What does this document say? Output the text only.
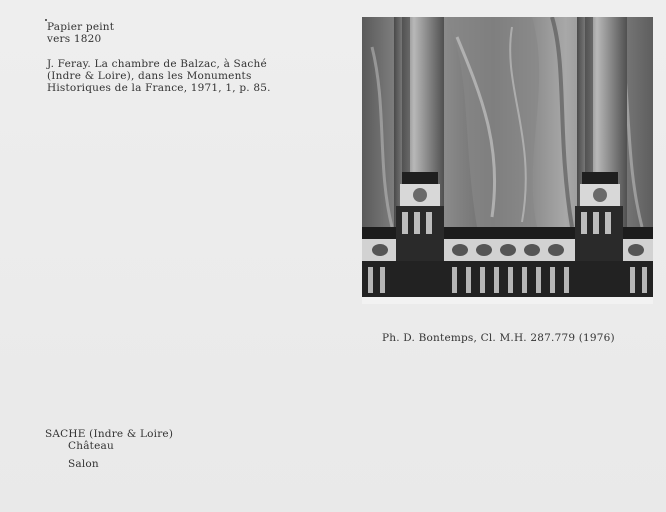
Papier peint
vers 1820
J. Feray. La chambre de Balzac, à Saché
(Indre & Loire), dans les Monuments
Historiques de la France, 1971, 1, p. 85.
Ph. D. Bontemps, Cl. M.H. 287.779 (1976)
SACHE (Indre & Loire)
Château
Salon
